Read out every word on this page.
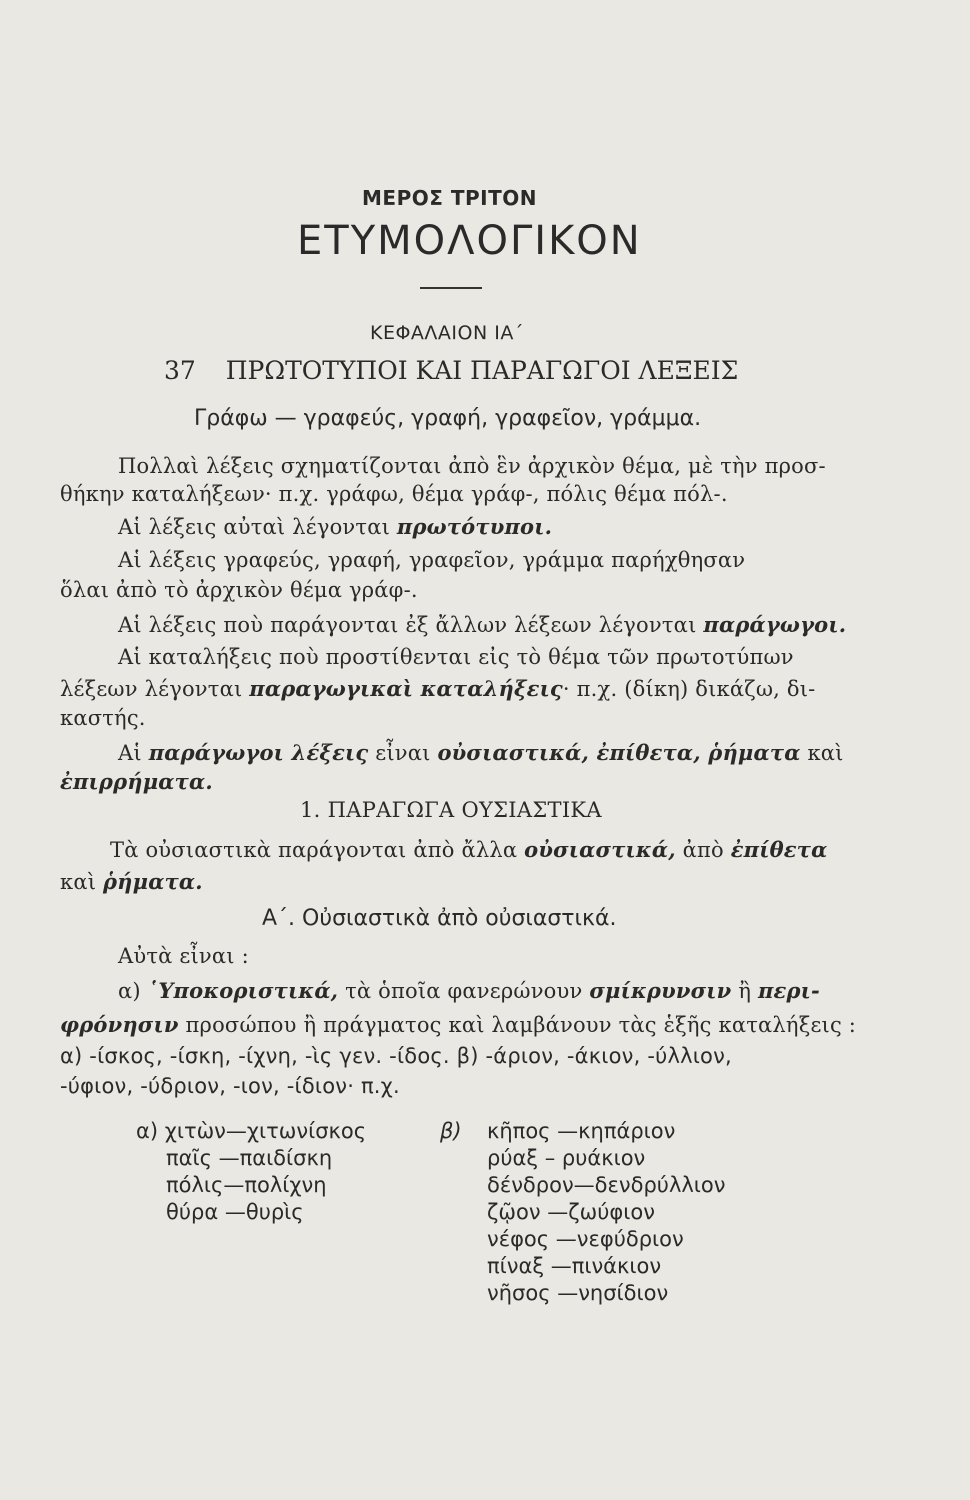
ΜΕΡΟΣ ΤΡΙΤΟΝ
ΕΤΥΜΟΛΟΓΙΚΟΝ
ΚΕΦΑΛΑΙΟΝ ΙΑ΄
37 ΠΡΩΤΟΤΥΠΟΙ ΚΑΙ ΠΑΡΑΓΩΓΟΙ ΛΕΞΕΙΣ
Γράφω — γραφεύς, γραφή, γραφεῖον, γράμμα.
Πολλαὶ λέξεις σχηματίζονται ἀπὸ ἓν ἀρχικὸν θέμα, μὲ τὴν προσ-
θήκην καταλήξεων· π.χ. γράφω, θέμα γράφ-, πόλις θέμα πόλ-.
Αἱ λέξεις αὐταὶ λέγονται πρωτότυποι.
Αἱ λέξεις γραφεύς, γραφή, γραφεῖον, γράμμα παρήχθησαν
ὅλαι ἀπὸ τὸ ἀρχικὸν θέμα γράφ-.
Αἱ λέξεις ποὺ παράγονται ἐξ ἄλλων λέξεων λέγονται παράγωγοι.
Αἱ καταλήξεις ποὺ προστίθενται εἰς τὸ θέμα τῶν πρωτοτύπων
λέξεων λέγονται παραγωγικαὶ καταλήξεις· π.χ. (δίκη) δικάζω, δι-
καστής.
Αἱ παράγωγοι λέξεις εἶναι οὐσιαστικά, ἐπίθετα, ῥήματα καὶ
ἐπιρρήματα.
1. ΠΑΡΑΓΩΓΑ ΟΥΣΙΑΣΤΙΚΑ
Τὰ οὐσιαστικὰ παράγονται ἀπὸ ἄλλα οὐσιαστικά, ἀπὸ ἐπίθετα
καὶ ῥήματα.
Α΄. Οὐσιαστικὰ ἀπὸ οὐσιαστικά.
Αὐτὰ εἶναι :
α) ῾Υποκοριστικά, τὰ ὁποῖα φανερώνουν σμίκρυνσιν ἢ περι-
φρόνησιν προσώπου ἢ πράγματος καὶ λαμβάνουν τὰς ἑξῆς καταλήξεις :
α) -ίσκος, -ίσκη, -ίχνη, -ὶς γεν. -ίδος. β) -άριον, -άκιον, -ύλλιον,
-ύφιον, -ύδριον, -ιον, -ίδιον· π.χ.
α) χιτὼν—χιτωνίσκος
παῖς —παιδίσκη
πόλις—πολίχνη
θύρα —θυρὶς
β) κῆπος —κηπάριον
ρύαξ – ρυάκιον
δένδρον—δενδρύλλιον
ζῷον —ζωύφιον
νέφος —νεφύδριον
πίναξ —πινάκιον
νῆσος —νησίδιον
